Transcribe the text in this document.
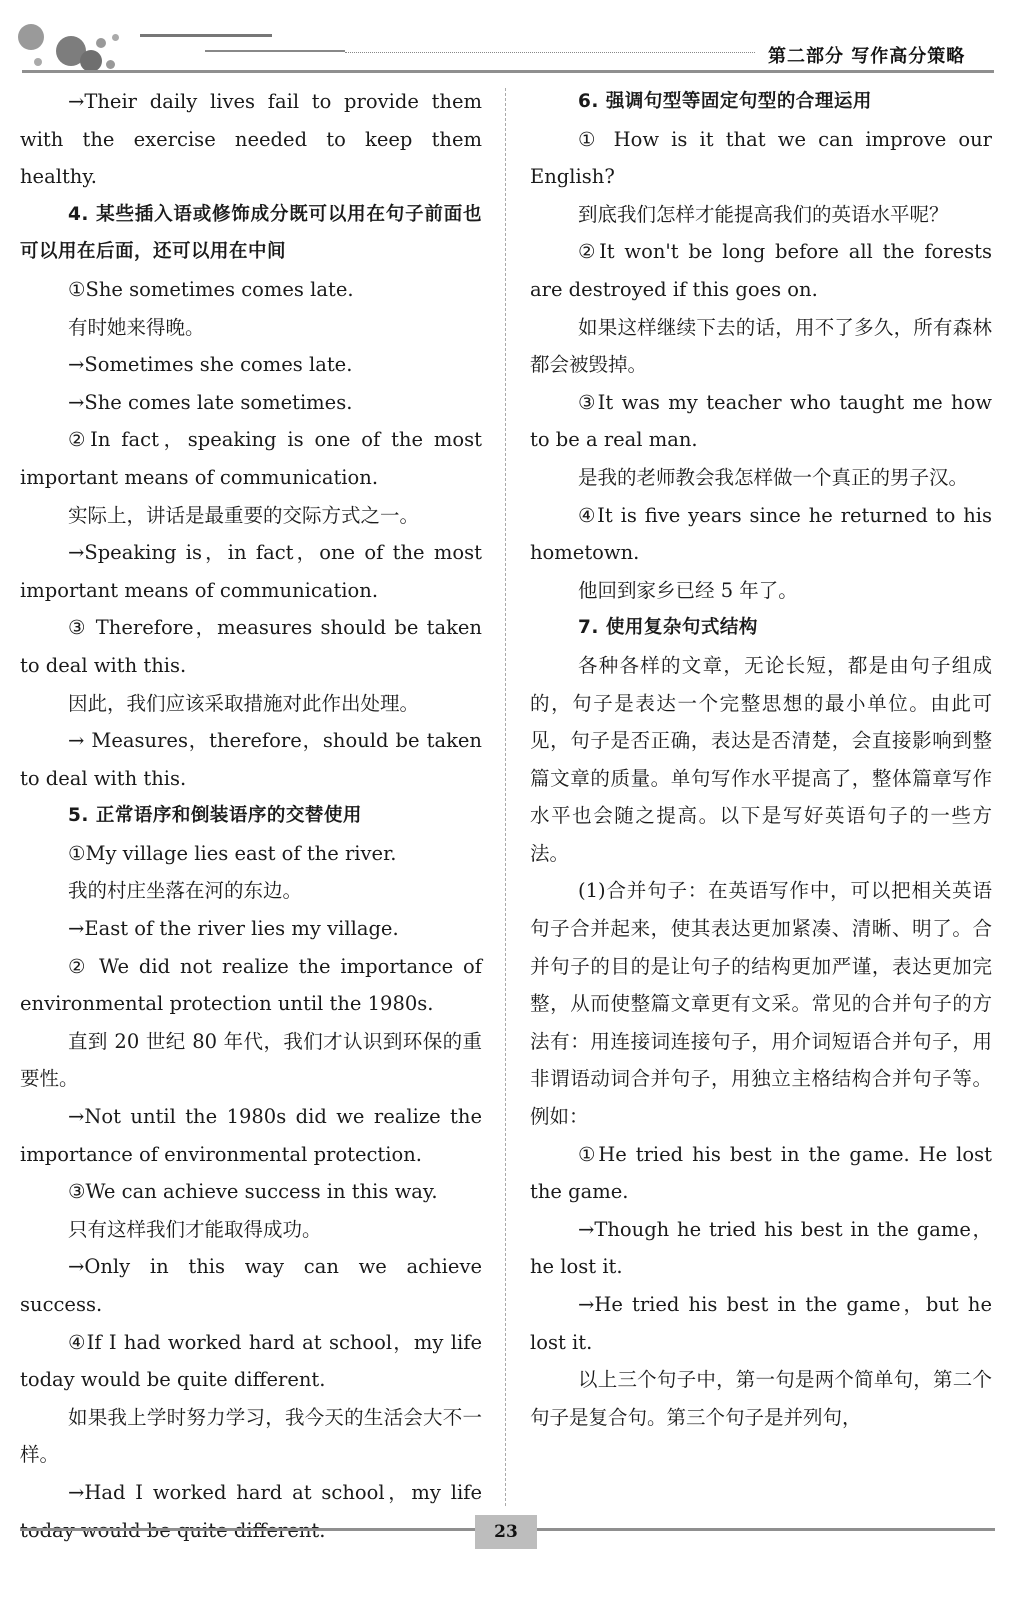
第二部分 写作高分策略

→Their daily lives fail to provide them with the exercise needed to keep them healthy.

4. 某些插入语或修饰成分既可以用在句子前面也可以用在后面，还可以用在中间

①She sometimes comes late.

有时她来得晚。

→Sometimes she comes late.

→She comes late sometimes.

②In fact，speaking is one of the most important means of communication.

实际上，讲话是最重要的交际方式之一。

→Speaking is，in fact，one of the most important means of communication.

③ Therefore，measures should be taken to deal with this.

因此，我们应该采取措施对此作出处理。

→ Measures，therefore，should be taken to deal with this.

5. 正常语序和倒装语序的交替使用

①My village lies east of the river.

我的村庄坐落在河的东边。

→East of the river lies my village.

② We did not realize the importance of environmental protection until the 1980s.

直到 20 世纪 80 年代，我们才认识到环保的重要性。

→Not until the 1980s did we realize the importance of environmental protection.

③We can achieve success in this way.

只有这样我们才能取得成功。

→Only in this way can we achieve success.

④If I had worked hard at school，my life today would be quite different.

如果我上学时努力学习，我今天的生活会大不一样。

→Had I worked hard at school，my life

6. 强调句型等固定句型的合理运用

① How is it that we can improve our English?

到底我们怎样才能提高我们的英语水平呢？

②It won't be long before all the forests are destroyed if this goes on.

如果这样继续下去的话，用不了多久，所有森林都会被毁掉。

③It was my teacher who taught me how to be a real man.

是我的老师教会我怎样做一个真正的男子汉。

④It is five years since he returned to his hometown.

他回到家乡已经 5 年了。

7. 使用复杂句式结构

各种各样的文章，无论长短，都是由句子组成的，句子是表达一个完整思想的最小单位。由此可见，句子是否正确，表达是否清楚，会直接影响到整篇文章的质量。单句写作水平提高了，整体篇章写作水平也会随之提高。以下是写好英语句子的一些方法。

(1)合并句子：在英语写作中，可以把相关英语句子合并起来，使其表达更加紧凑、清晰、明了。合并句子的目的是让句子的结构更加严谨，表达更加完整，从而使整篇文章更有文采。常见的合并句子的方法有：用连接词连接句子，用介词短语合并句子，用非谓语动词合并句子，用独立主格结构合并句子等。例如：

①He tried his best in the game. He lost the game.

→Though he tried his best in the game，he lost it.

→He tried his best in the game，but he lost it.

以上三个句子中，第一句是两个简单句，第二个句子是复合句。第三个句子是并列句，

23
